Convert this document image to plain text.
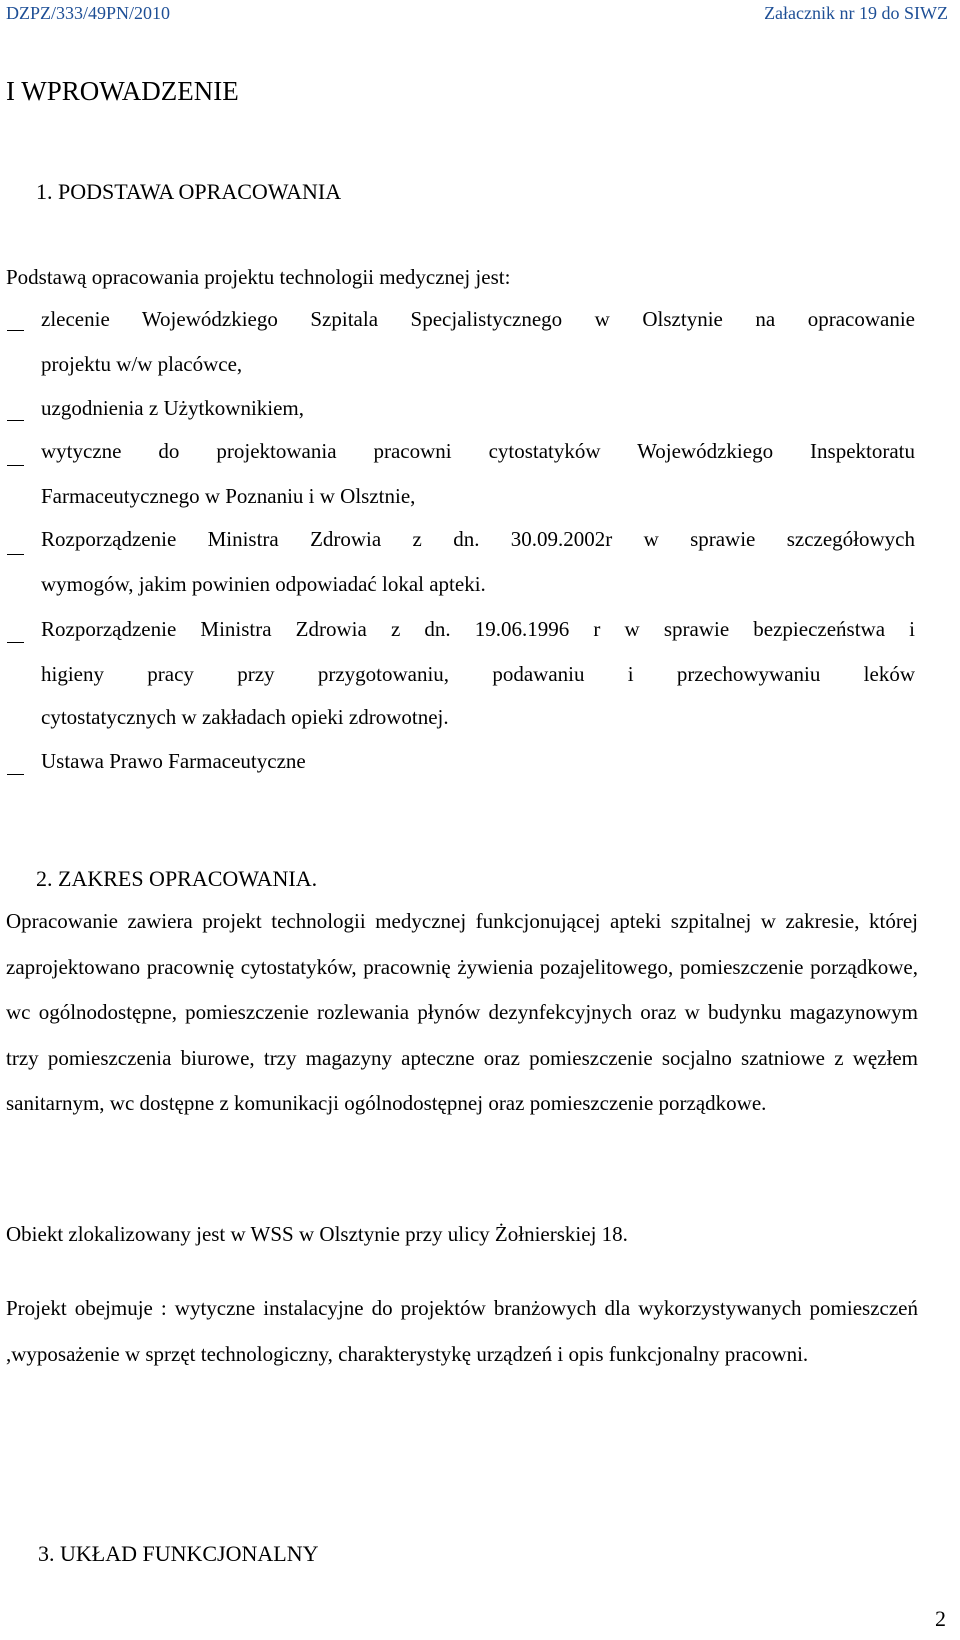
DZPZ/333/49PN/2010	Załacznik nr 19 do SIWZ
I WPROWADZENIE
1. PODSTAWA OPRACOWANIA
Podstawą opracowania projektu technologii medycznej jest:
zlecenie Wojewódzkiego Szpitala Specjalistycznego w Olsztynie na opracowanie
projektu w/w placówce,
uzgodnienia z Użytkownikiem,
wytyczne do projektowania pracowni cytostatyków Wojewódzkiego Inspektoratu
Farmaceutycznego w Poznaniu i w Olsztnie,
Rozporządzenie Ministra Zdrowia z dn. 30.09.2002r w sprawie szczegółowych
wymogów, jakim powinien odpowiadać lokal apteki.
Rozporządzenie Ministra Zdrowia z dn. 19.06.1996 r w sprawie bezpieczeństwa i
higieny pracy przy przygotowaniu, podawaniu i przechowywaniu leków
cytostatycznych w zakładach opieki zdrowotnej.
Ustawa Prawo Farmaceutyczne
2. ZAKRES OPRACOWANIA.
Opracowanie zawiera projekt technologii medycznej funkcjonującej apteki szpitalnej w zakresie, której zaprojektowano pracownię cytostatyków, pracownię żywienia pozajelitowego, pomieszczenie porządkowe, wc ogólnodostępne, pomieszczenie rozlewania płynów dezynfekcyjnych oraz w budynku magazynowym trzy pomieszczenia biurowe, trzy magazyny apteczne oraz pomieszczenie socjalno szatniowe z węzłem sanitarnym, wc dostępne z komunikacji ogólnodostępnej oraz pomieszczenie porządkowe.
Obiekt zlokalizowany jest w WSS w Olsztynie przy ulicy Żołnierskiej 18.
Projekt obejmuje : wytyczne instalacyjne do projektów branżowych dla wykorzystywanych pomieszczeń ,wyposażenie w sprzęt technologiczny, charakterystykę urządzeń i opis funkcjonalny pracowni.
3. UKŁAD FUNKCJONALNY
2
